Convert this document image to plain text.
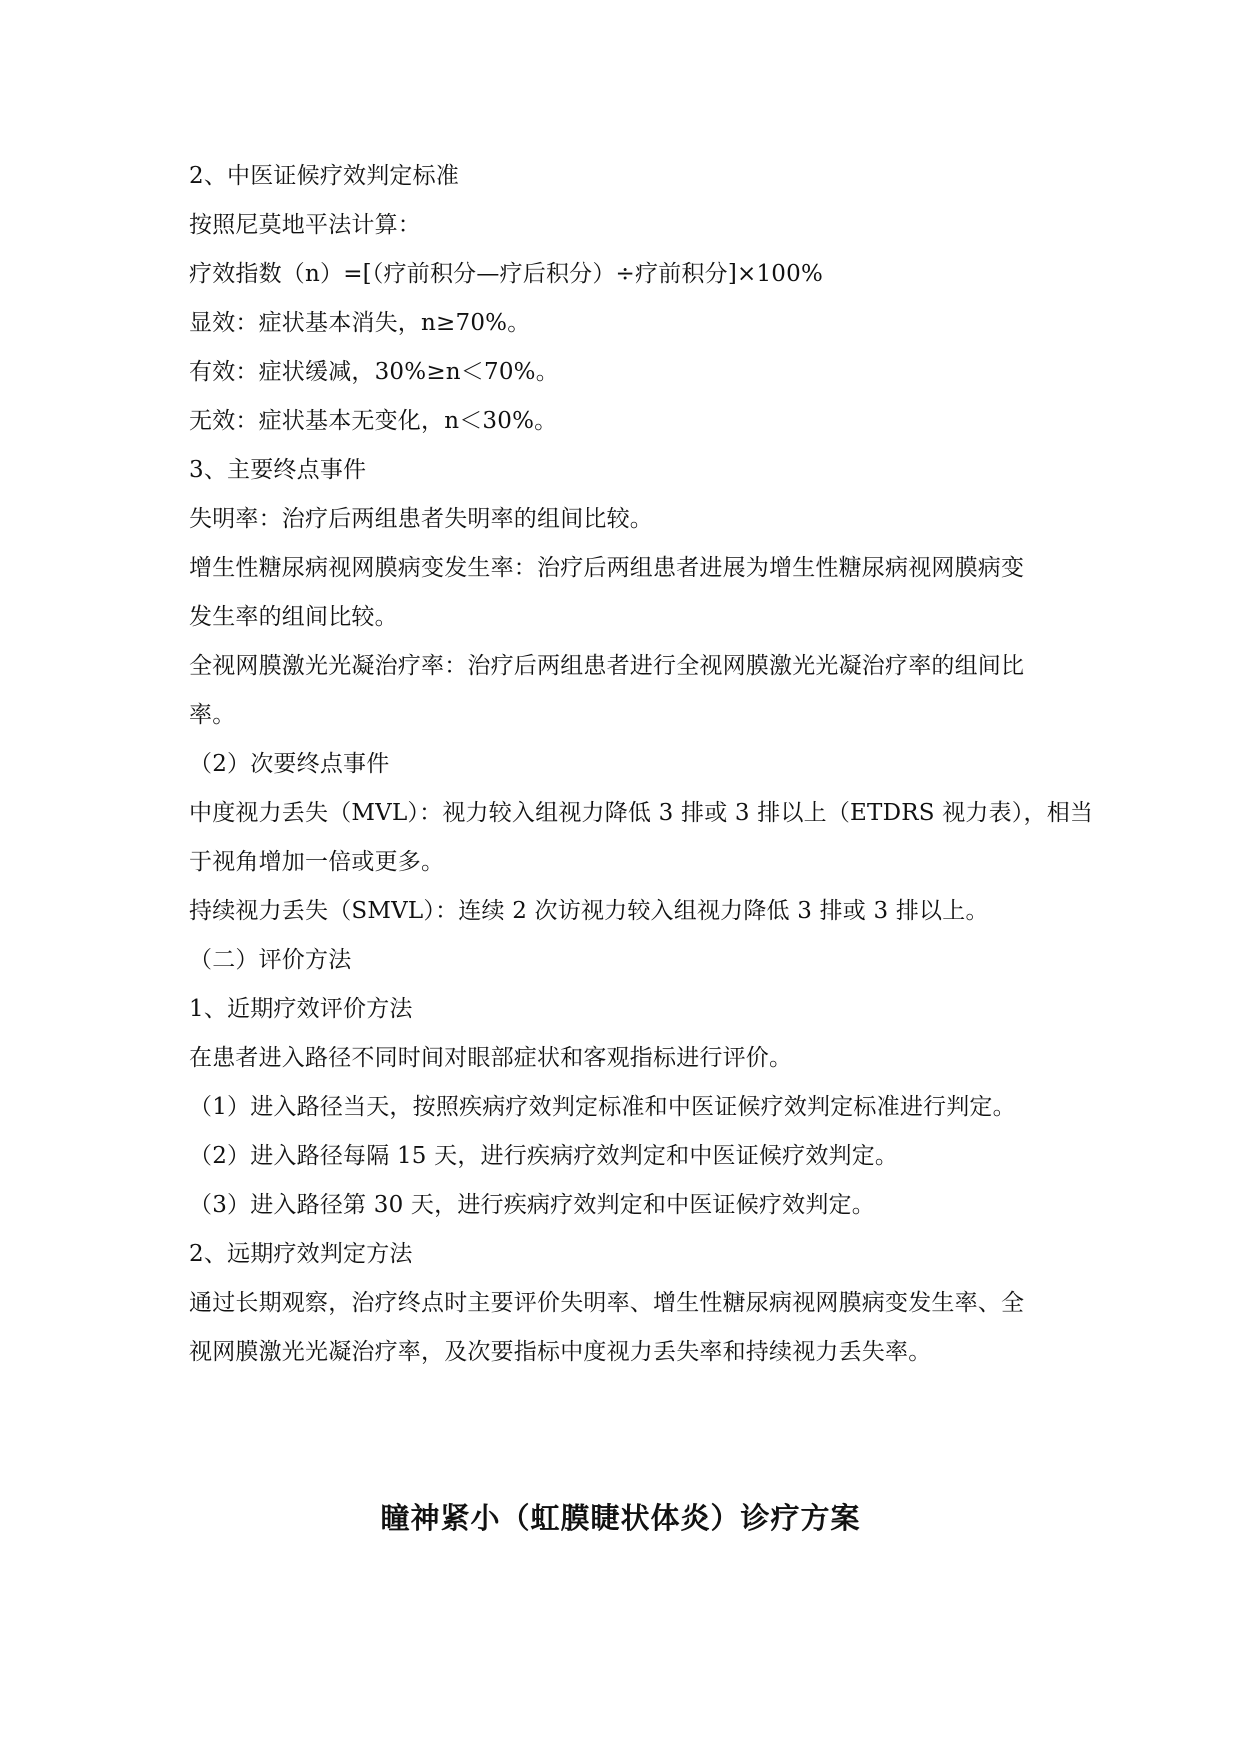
2、中医证候疗效判定标准
按照尼莫地平法计算：
疗效指数（n）=[（疗前积分—疗后积分）÷疗前积分]×100%
显效：症状基本消失，n≥70%。
有效：症状缓减，30%≥n＜70%。
无效：症状基本无变化，n＜30%。
3、主要终点事件
失明率：治疗后两组患者失明率的组间比较。
增生性糖尿病视网膜病变发生率：治疗后两组患者进展为增生性糖尿病视网膜病变
发生率的组间比较。
全视网膜激光光凝治疗率：治疗后两组患者进行全视网膜激光光凝治疗率的组间比
率。
（2）次要终点事件
中度视力丢失（MVL）：视力较入组视力降低 3 排或 3 排以上（ETDRS 视力表），相当
于视角增加一倍或更多。
持续视力丢失（SMVL）：连续 2 次访视力较入组视力降低 3 排或 3 排以上。
（二）评价方法
1、近期疗效评价方法
在患者进入路径不同时间对眼部症状和客观指标进行评价。
（1）进入路径当天，按照疾病疗效判定标准和中医证候疗效判定标准进行判定。
（2）进入路径每隔 15 天，进行疾病疗效判定和中医证候疗效判定。
（3）进入路径第 30 天，进行疾病疗效判定和中医证候疗效判定。
2、远期疗效判定方法
通过长期观察，治疗终点时主要评价失明率、增生性糖尿病视网膜病变发生率、全
视网膜激光光凝治疗率，及次要指标中度视力丢失率和持续视力丢失率。
瞳神紧小（虹膜睫状体炎）诊疗方案
